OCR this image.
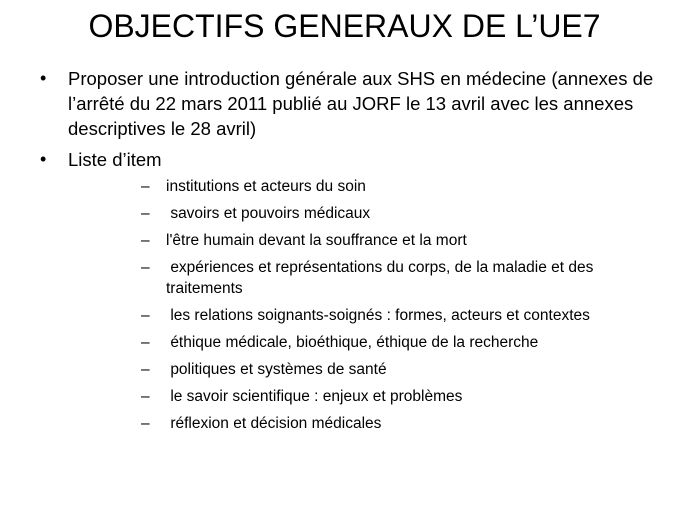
OBJECTIFS GENERAUX DE L’UE7
• Proposer une introduction générale aux SHS en médecine (annexes de l’arrêté du 22 mars 2011 publié au JORF le 13 avril avec les annexes descriptives le 28 avril)
• Liste d’item
– institutions et acteurs du soin
– savoirs et pouvoirs médicaux
– l'être humain devant la souffrance et la mort
– expériences et représentations du corps, de la maladie et des traitements
– les relations soignants-soignés : formes, acteurs et contextes
– éthique médicale, bioéthique, éthique de la recherche
– politiques et systèmes de santé
– le savoir scientifique : enjeux et problèmes
– réflexion et décision médicales
